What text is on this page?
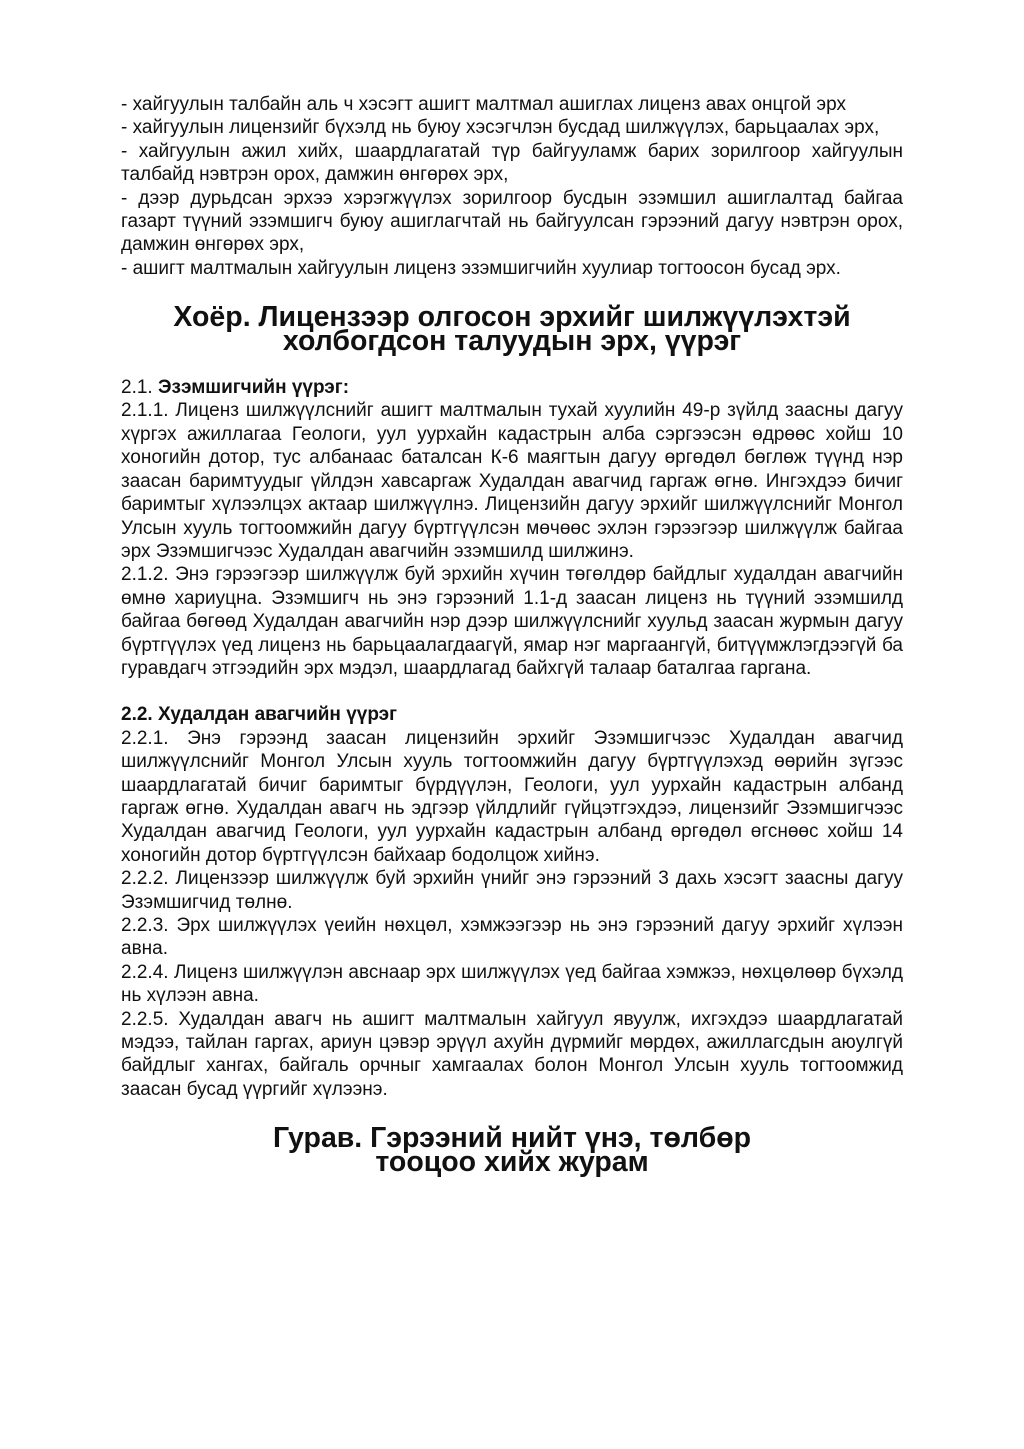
- хайгуулын талбайн аль ч хэсэгт ашигт малтмал ашиглах лиценз авах онцгой эрх

- хайгуулын лицензийг бүхэлд нь буюу хэсэгчлэн бусдад шилжүүлэх, барьцаалах эрх,

- хайгуулын ажил хийх, шаардлагатай түр байгууламж барих зорилгоор хайгуулын талбайд нэвтрэн орох, дамжин өнгөрөх эрх,

- дээр дурьдсан эрхээ хэрэгжүүлэх зорилгоор бусдын эзэмшил ашиглалтад байгаа газарт түүний эзэмшигч буюу ашиглагчтай нь байгуулсан гэрээний дагуу нэвтрэн орох, дамжин өнгөрөх эрх,

- ашигт малтмалын хайгуулын лиценз эзэмшигчийн хуулиар тогтоосон бусад эрх.

Хоёр. Лицензээр олгосон эрхийг шилжүүлэхтэй
холбогдсон талуудын эрх, үүрэг

2.1. Эзэмшигчийн үүрэг:

2.1.1. Лиценз шилжүүлснийг ашигт малтмалын тухай хуулийн 49-р зүйлд заасны дагуу хүргэх ажиллагаа Геологи, уул уурхайн кадастрын алба сэргээсэн өдрөөс хойш 10 хоногийн дотор, тус албанаас баталсан К-6 маягтын дагуу өргөдөл бөглөж түүнд нэр заасан баримтуудыг үйлдэн хавсаргаж Худалдан авагчид гаргаж өгнө. Ингэхдээ бичиг баримтыг хүлээлцэх актаар шилжүүлнэ. Лицензийн дагуу эрхийг шилжүүлснийг Монгол Улсын хууль тогтоомжийн дагуу бүртгүүлсэн мөчөөс эхлэн гэрээгээр шилжүүлж байгаа эрх Эзэмшигчээс Худалдан авагчийн эзэмшилд шилжинэ.

2.1.2. Энэ гэрээгээр шилжүүлж буй эрхийн хүчин төгөлдөр байдлыг худалдан авагчийн өмнө хариуцна. Эзэмшигч нь энэ гэрээний 1.1-д заасан лиценз нь түүний эзэмшилд байгаа бөгөөд Худалдан авагчийн нэр дээр шилжүүлснийг хуульд заасан журмын дагуу бүртгүүлэх үед лиценз нь барьцаалагдаагүй, ямар нэг маргаангүй, битүүмжлэгдээгүй ба гуравдагч этгээдийн эрх мэдэл, шаардлагад байхгүй талаар баталгаа гаргана.

2.2. Худалдан авагчийн үүрэг

2.2.1. Энэ гэрээнд заасан лицензийн эрхийг Эзэмшигчээс Худалдан авагчид шилжүүлснийг Монгол Улсын хууль тогтоомжийн дагуу бүртгүүлэхэд өөрийн зүгээс шаардлагатай бичиг баримтыг бүрдүүлэн, Геологи, уул уурхайн кадастрын албанд гаргаж өгнө. Худалдан авагч нь эдгээр үйлдлийг гүйцэтгэхдээ, лицензийг Эзэмшигчээс Худалдан авагчид Геологи, уул уурхайн кадастрын албанд өргөдөл өгснөөс хойш 14 хоногийн дотор бүртгүүлсэн байхаар бодолцож хийнэ.

2.2.2. Лицензээр шилжүүлж буй эрхийн үнийг энэ гэрээний 3 дахь хэсэгт заасны дагуу Эзэмшигчид төлнө.

2.2.3. Эрх шилжүүлэх үеийн нөхцөл, хэмжээгээр нь энэ гэрээний дагуу эрхийг хүлээн авна.

2.2.4. Лиценз шилжүүлэн авснаар эрх шилжүүлэх үед байгаа хэмжээ, нөхцөлөөр бүхэлд нь хүлээн авна.

2.2.5. Худалдан авагч нь ашигт малтмалын хайгуул явуулж, ихгэхдээ шаардлагатай мэдээ, тайлан гаргах, ариун цэвэр эрүүл ахуйн дүрмийг мөрдөх, ажиллагсдын аюулгүй байдлыг хангах, байгаль орчныг хамгаалах болон Монгол Улсын хууль тогтоомжид заасан бусад үүргийг хүлээнэ.

Гурав. Гэрээний нийт үнэ, төлбөр
тооцоо хийх журам
